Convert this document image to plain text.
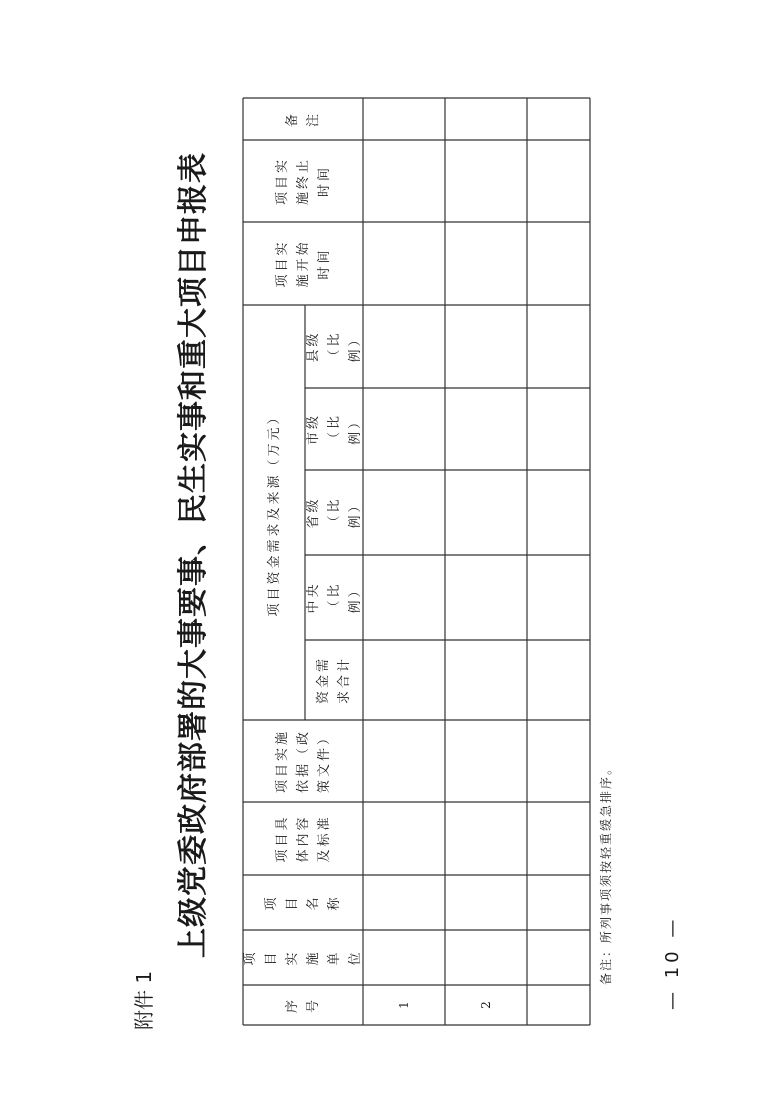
附件 1
上级党委政府部署的大事要事、民生实事和重大项目申报表
序号
项目实施单位
项目名称
项目具体内容及标准
项目实施依据（政策文件）
项目资金需求及来源（万元）
资金需求合计
中央（比例）
省级（比例）
市级（比例）
县级（比例）
项目实施开始时间
项目实施终止时间
备注
1	2
备注：所列事项须按轻重缓急排序。	— 10 —
